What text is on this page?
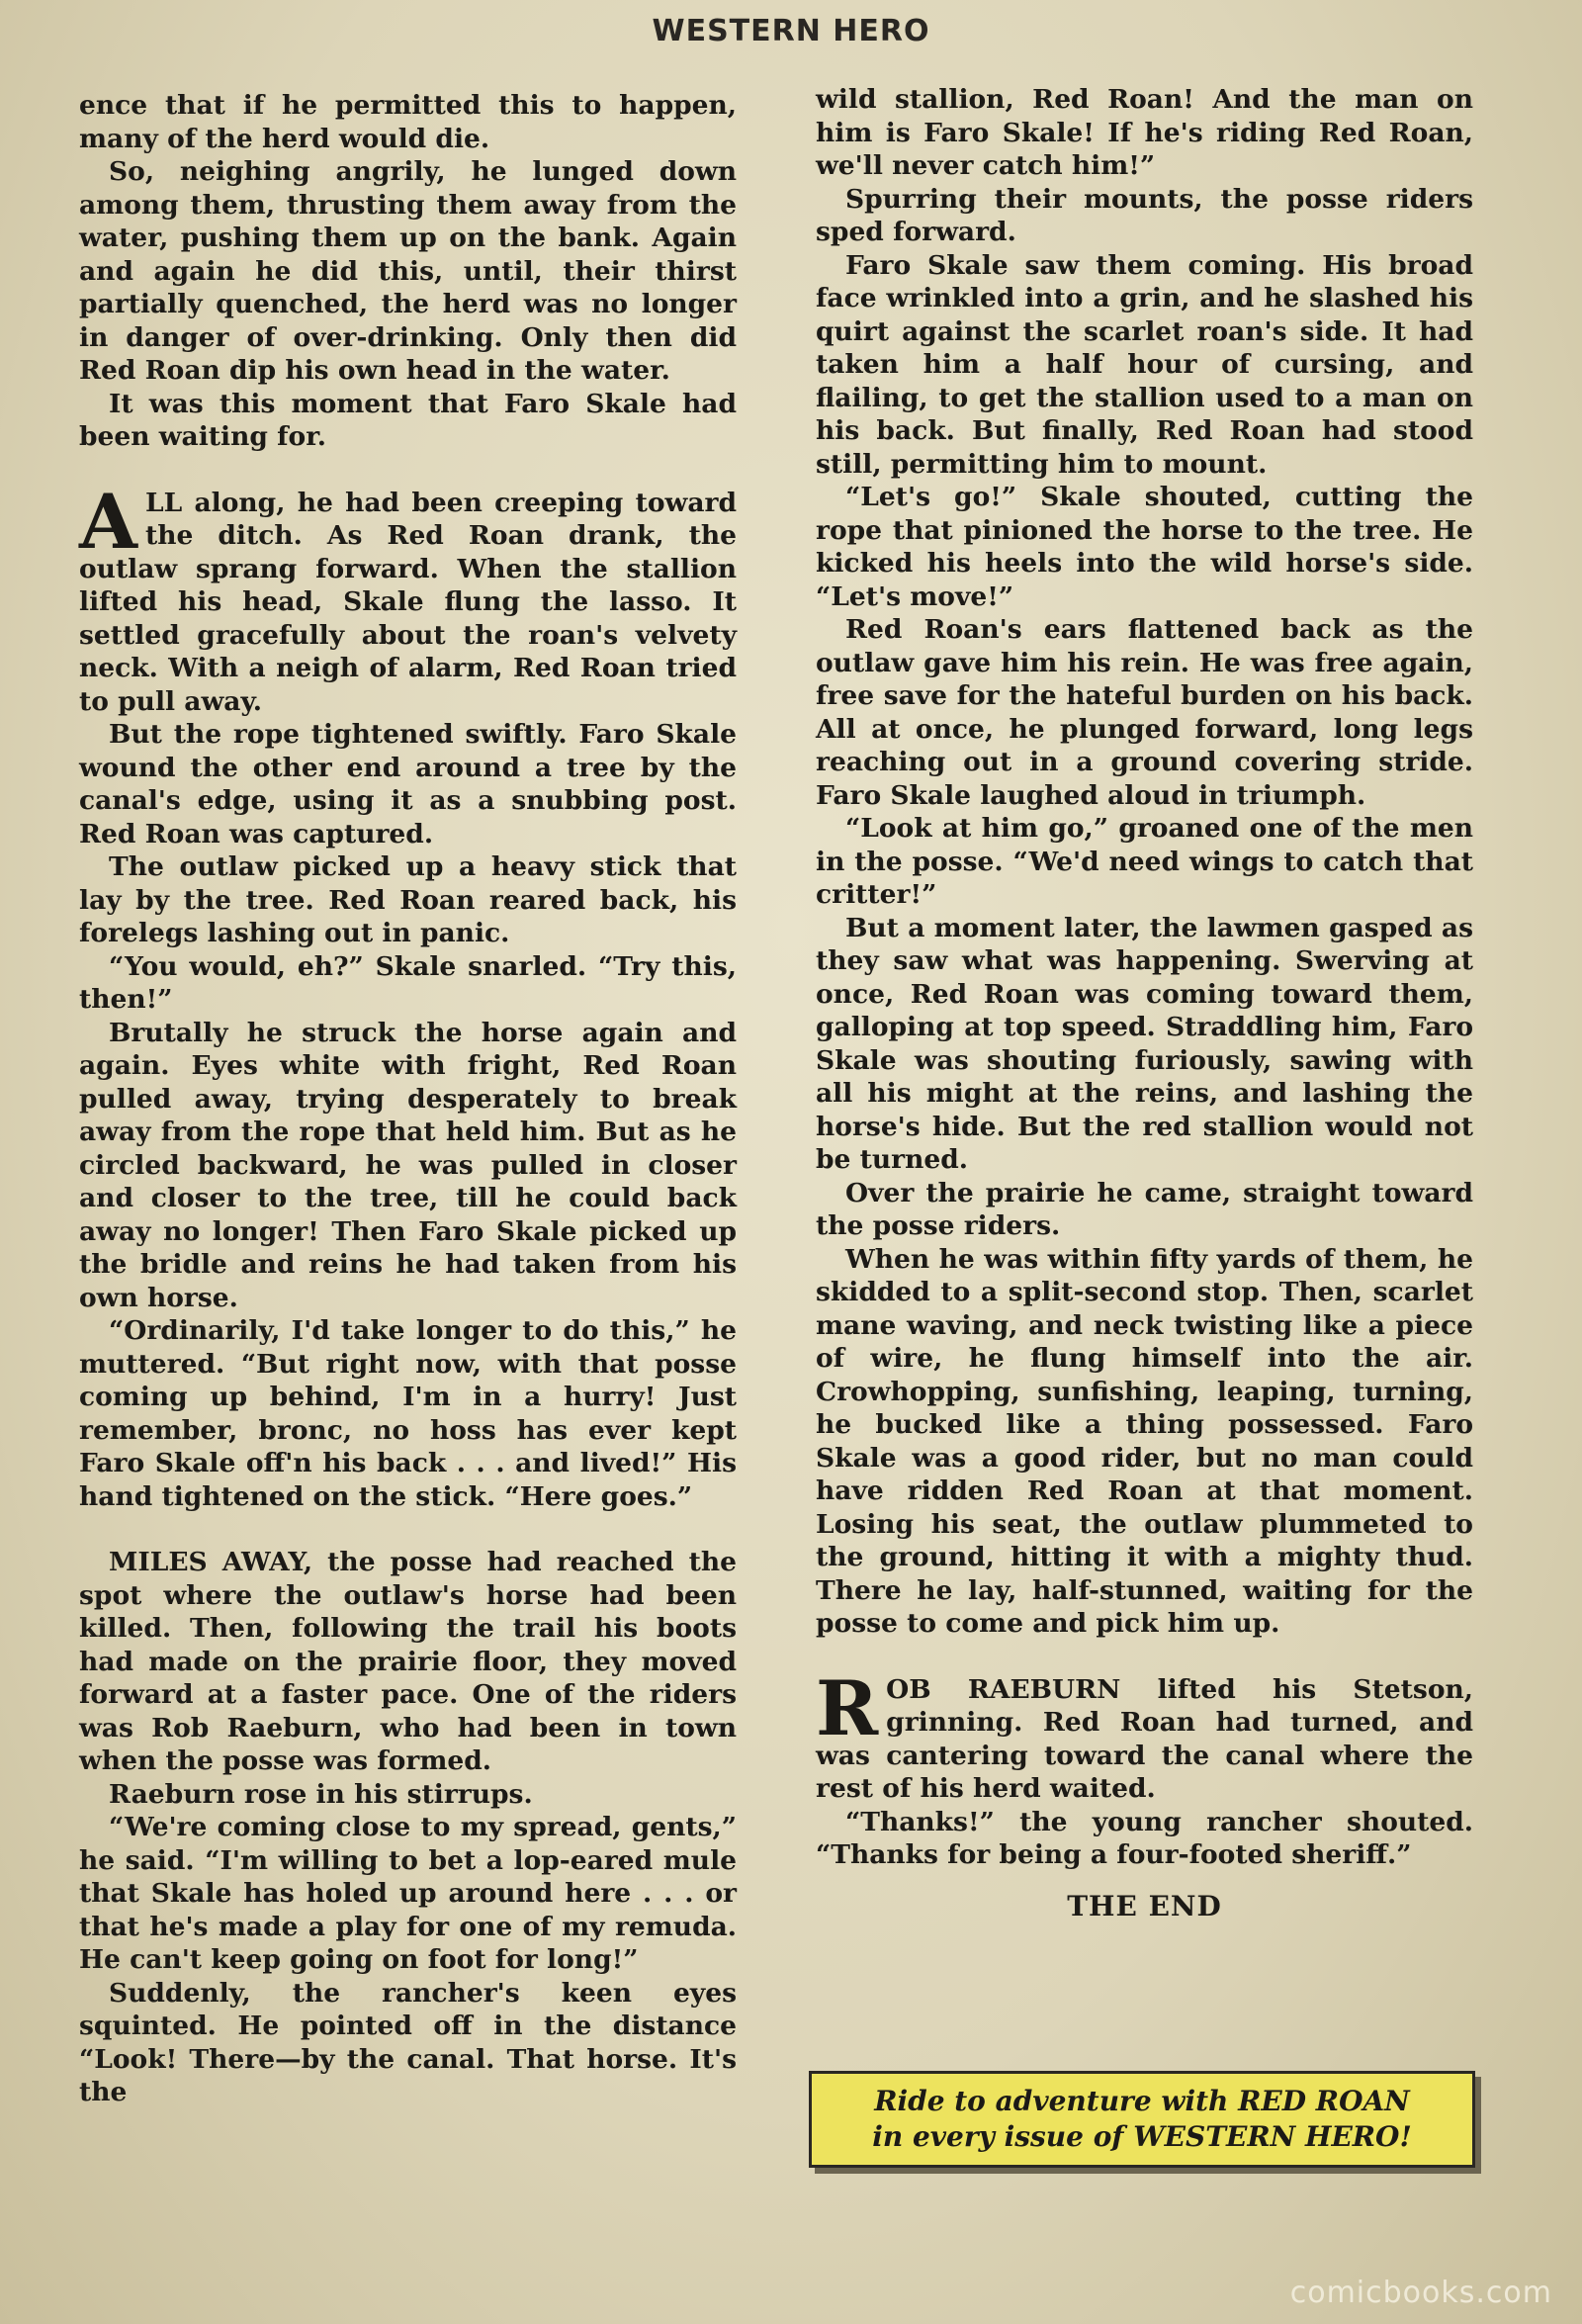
WESTERN HERO

ence that if he permitted this to happen, many of the herd would die.

So, neighing angrily, he lunged down among them, thrusting them away from the water, pushing them up on the bank. Again and again he did this, until, their thirst partially quenched, the herd was no longer in danger of over-drinking. Only then did Red Roan dip his own head in the water.

It was this moment that Faro Skale had been waiting for.

ALL along, he had been creeping toward the ditch. As Red Roan drank, the outlaw sprang forward. When the stallion lifted his head, Skale flung the lasso. It settled gracefully about the roan's velvety neck. With a neigh of alarm, Red Roan tried to pull away.

But the rope tightened swiftly. Faro Skale wound the other end around a tree by the canal's edge, using it as a snubbing post. Red Roan was captured.

The outlaw picked up a heavy stick that lay by the tree. Red Roan reared back, his forelegs lashing out in panic.

“You would, eh?” Skale snarled. “Try this, then!”

Brutally he struck the horse again and again. Eyes white with fright, Red Roan pulled away, trying desperately to break away from the rope that held him. But as he circled backward, he was pulled in closer and closer to the tree, till he could back away no longer! Then Faro Skale picked up the bridle and reins he had taken from his own horse.

“Ordinarily, I'd take longer to do this,” he muttered. “But right now, with that posse coming up behind, I'm in a hurry! Just remember, bronc, no hoss has ever kept Faro Skale off'n his back . . . and lived!” His hand tightened on the stick. “Here goes.”

MILES AWAY, the posse had reached the spot where the outlaw's horse had been killed. Then, following the trail his boots had made on the prairie floor, they moved forward at a faster pace. One of the riders was Rob Raeburn, who had been in town when the posse was formed.

Raeburn rose in his stirrups.

“We're coming close to my spread, gents,” he said. “I'm willing to bet a lop-eared mule that Skale has holed up around here . . . or that he's made a play for one of my remuda. He can't keep going on foot for long!”

Suddenly, the rancher's keen eyes squinted. He pointed off in the distance “Look! There—by the canal. That horse. It's the

wild stallion, Red Roan! And the man on him is Faro Skale! If he's riding Red Roan, we'll never catch him!”

Spurring their mounts, the posse riders sped forward.

Faro Skale saw them coming. His broad face wrinkled into a grin, and he slashed his quirt against the scarlet roan's side. It had taken him a half hour of cursing, and flailing, to get the stallion used to a man on his back. But finally, Red Roan had stood still, permitting him to mount.

“Let's go!” Skale shouted, cutting the rope that pinioned the horse to the tree. He kicked his heels into the wild horse's side. “Let's move!”

Red Roan's ears flattened back as the outlaw gave him his rein. He was free again, free save for the hateful burden on his back. All at once, he plunged forward, long legs reaching out in a ground covering stride. Faro Skale laughed aloud in triumph.

“Look at him go,” groaned one of the men in the posse. “We'd need wings to catch that critter!”

But a moment later, the lawmen gasped as they saw what was happening. Swerving at once, Red Roan was coming toward them, galloping at top speed. Straddling him, Faro Skale was shouting furiously, sawing with all his might at the reins, and lashing the horse's hide. But the red stallion would not be turned.

Over the prairie he came, straight toward the posse riders.

When he was within fifty yards of them, he skidded to a split-second stop. Then, scarlet mane waving, and neck twisting like a piece of wire, he flung himself into the air. Crowhopping, sunfishing, leaping, turning, he bucked like a thing possessed. Faro Skale was a good rider, but no man could have ridden Red Roan at that moment. Losing his seat, the outlaw plummeted to the ground, hitting it with a mighty thud. There he lay, half-stunned, waiting for the posse to come and pick him up.

ROB RAEBURN lifted his Stetson, grinning. Red Roan had turned, and was cantering toward the canal where the rest of his herd waited.

“Thanks!” the young rancher shouted. “Thanks for being a four-footed sheriff.”

THE END
Ride to adventure with RED ROAN
in every issue of WESTERN HERO!
comicbooks.com
